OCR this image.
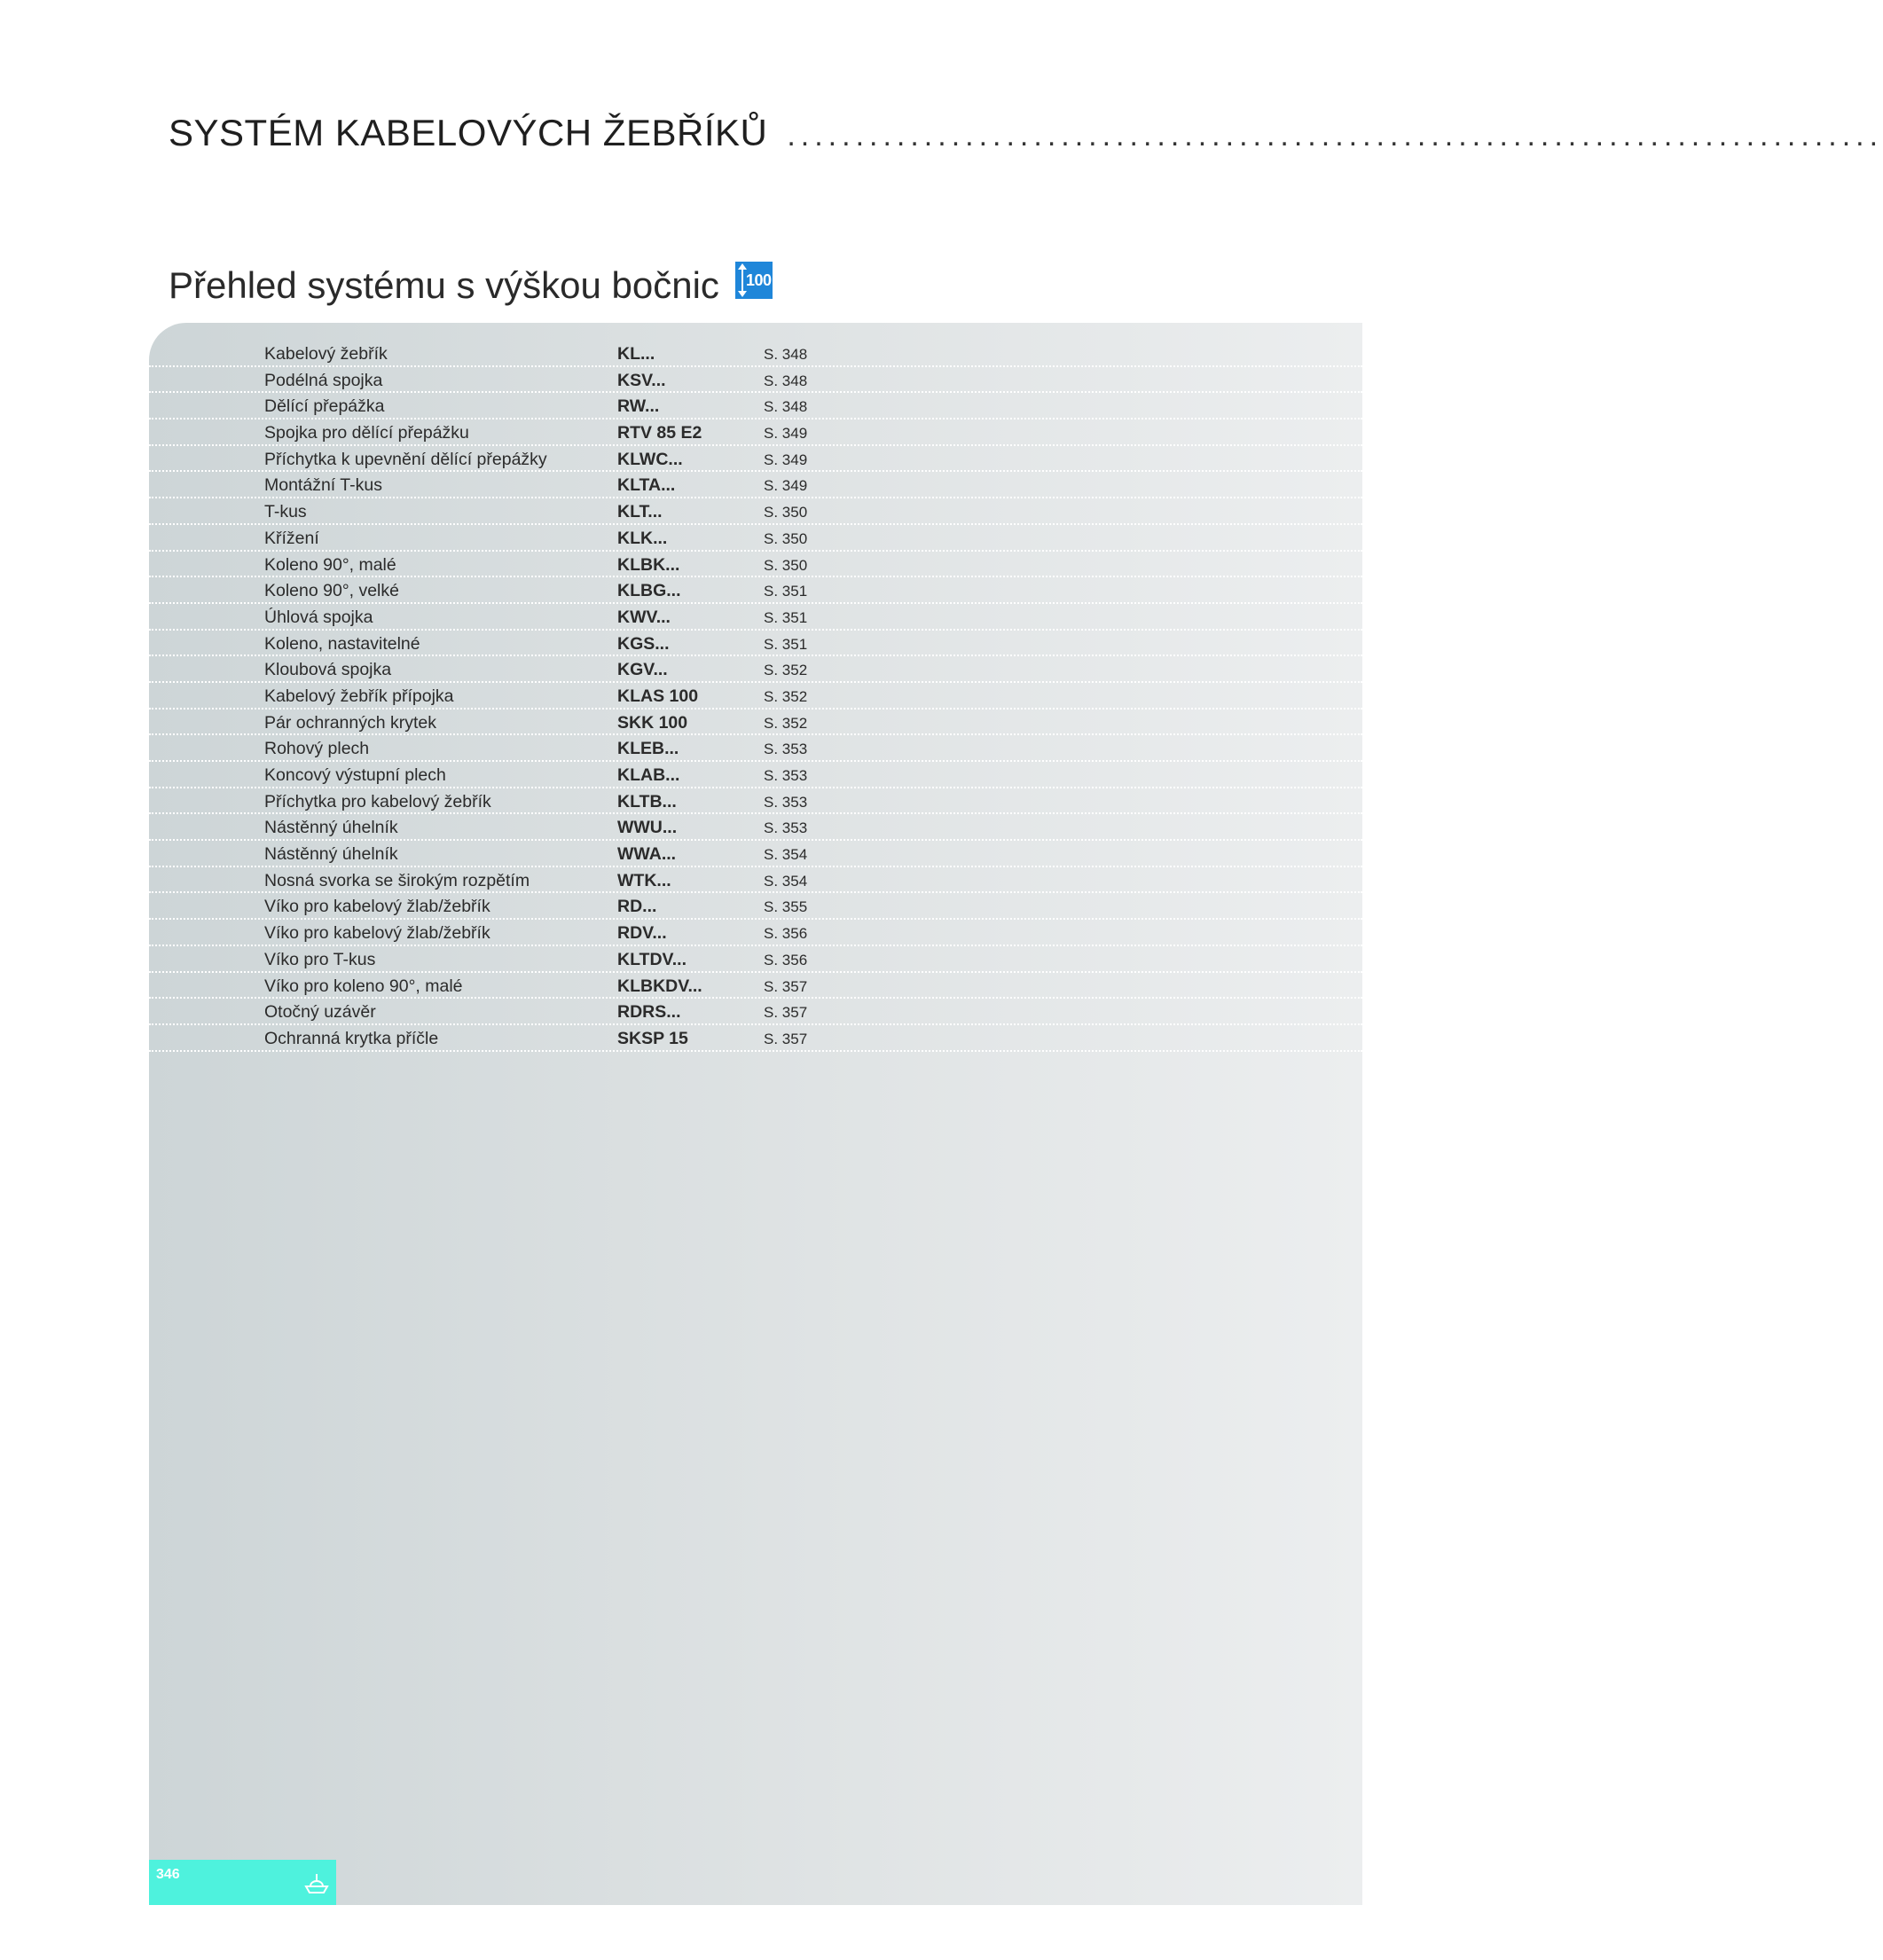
SYSTÉM KABELOVÝCH ŽEBŘÍKŮ ................................................................................
Přehled systému s výškou bočnic 100
Kabelový žebřík	KL...	S. 348
Podélná spojka	KSV...	S. 348
Dělící přepážka	RW...	S. 348
Spojka pro dělící přepážku	RTV 85 E2	S. 349
Příchytka k upevnění dělící přepážky	KLWC...	S. 349
Montážní T-kus	KLTA...	S. 349
T-kus	KLT...	S. 350
Křížení	KLK...	S. 350
Koleno 90°, malé	KLBK...	S. 350
Koleno 90°, velké	KLBG...	S. 351
Úhlová spojka	KWV...	S. 351
Koleno, nastavitelné	KGS...	S. 351
Kloubová spojka	KGV...	S. 352
Kabelový žebřík přípojka	KLAS 100	S. 352
Pár ochranných krytek	SKK 100	S. 352
Rohový plech	KLEB...	S. 353
Koncový výstupní plech	KLAB...	S. 353
Příchytka pro kabelový žebřík	KLTB...	S. 353
Nástěnný úhelník	WWU...	S. 353
Nástěnný úhelník	WWA...	S. 354
Nosná svorka se širokým rozpětím	WTK...	S. 354
Víko pro kabelový žlab/žebřík	RD...	S. 355
Víko pro kabelový žlab/žebřík	RDV...	S. 356
Víko pro T-kus	KLTDV...	S. 356
Víko pro koleno 90°, malé	KLBKDV...	S. 357
Otočný uzávěr	RDRS...	S. 357
Ochranná krytka příčle	SKSP 15	S. 357
346
